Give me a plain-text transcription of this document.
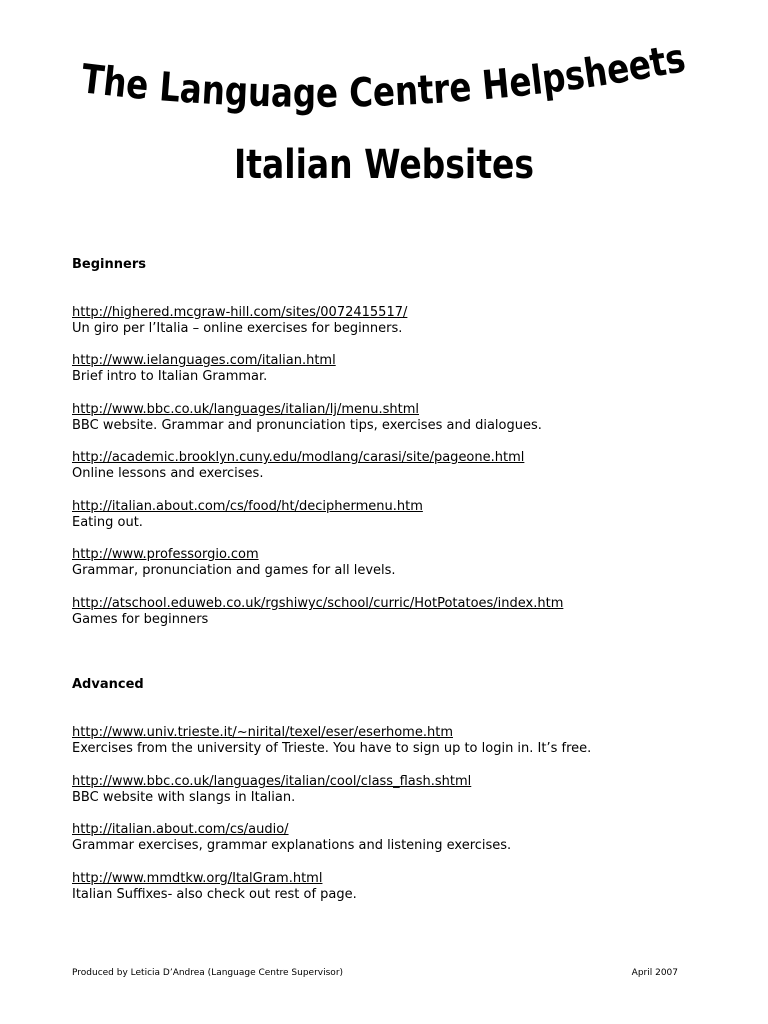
The Language Centre Helpsheets
Italian Websites
Beginners
http://highered.mcgraw-hill.com/sites/0072415517/
Un giro per l’Italia – online exercises for beginners.
http://www.ielanguages.com/italian.html
Brief intro to Italian Grammar.
http://www.bbc.co.uk/languages/italian/lj/menu.shtml
BBC website. Grammar and pronunciation tips, exercises and dialogues.
http://academic.brooklyn.cuny.edu/modlang/carasi/site/pageone.html
Online lessons and exercises.
http://italian.about.com/cs/food/ht/deciphermenu.htm
Eating out.
http://www.professorgio.com
Grammar, pronunciation and games for all levels.
http://atschool.eduweb.co.uk/rgshiwyc/school/curric/HotPotatoes/index.htm
Games for beginners
Advanced
http://www.univ.trieste.it/~nirital/texel/eser/eserhome.htm
Exercises from the university of Trieste. You have to sign up to login in. It’s free.
http://www.bbc.co.uk/languages/italian/cool/class_flash.shtml
BBC website with slangs in Italian.
http://italian.about.com/cs/audio/
Grammar exercises, grammar explanations and listening exercises.
http://www.mmdtkw.org/ItalGram.html
Italian Suffixes- also check out rest of page.
Produced by Leticia D’Andrea (Language Centre Supervisor)	April 2007
